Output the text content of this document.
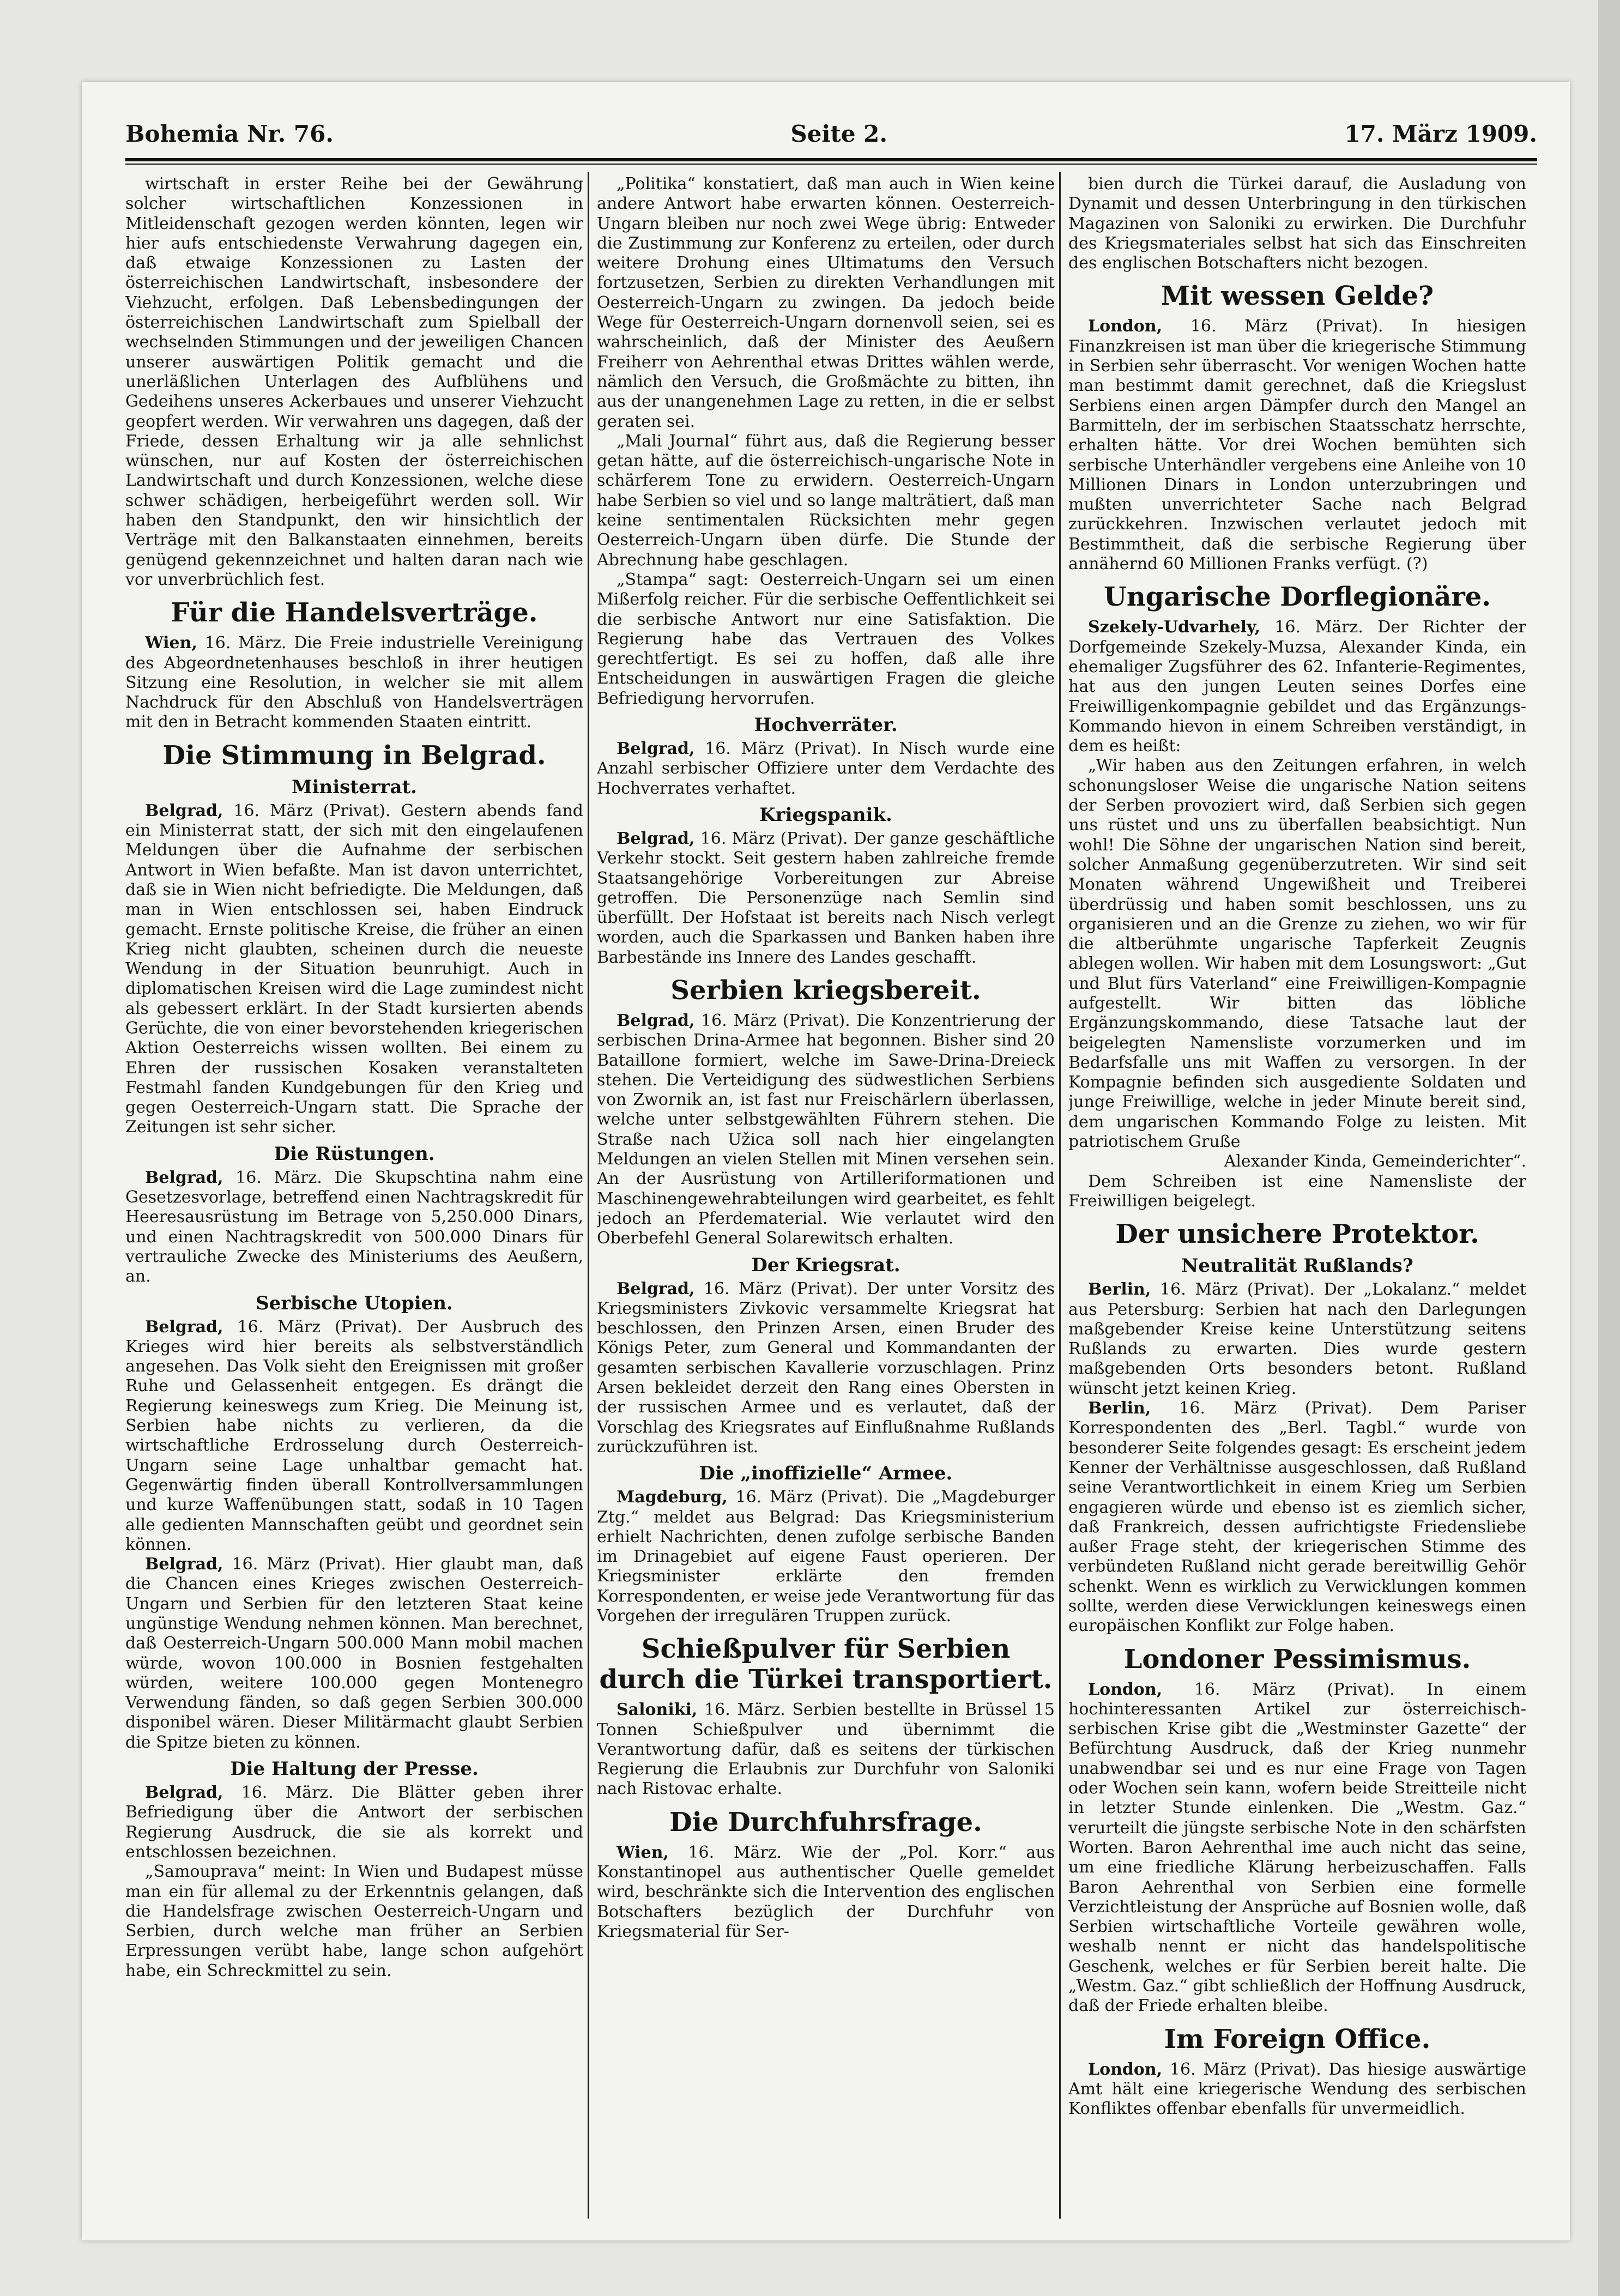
Bohemia Nr. 76.	Seite 2.	17. März 1909.

wirtschaft in erster Reihe bei der Gewährung solcher wirtschaftlichen Konzessionen in Mitleidenschaft gezogen werden könnten, legen wir hier aufs entschiedenste Verwahrung dagegen ein, daß etwaige Konzessionen zu Lasten der österreichischen Landwirtschaft, insbesondere der Viehzucht, erfolgen. Daß Lebensbedingungen der österreichischen Landwirtschaft zum Spielball der wechselnden Stimmungen und der jeweiligen Chancen unserer auswärtigen Politik gemacht und die unerläßlichen Unterlagen des Aufblühens und Gedeihens unseres Ackerbaues und unserer Viehzucht geopfert werden. Wir verwahren uns dagegen, daß der Friede, dessen Erhaltung wir ja alle sehnlichst wünschen, nur auf Kosten der österreichischen Landwirtschaft und durch Konzessionen, welche diese schwer schädigen, herbeigeführt werden soll. Wir haben den Standpunkt, den wir hinsichtlich der Verträge mit den Balkanstaaten einnehmen, bereits genügend gekennzeichnet und halten daran nach wie vor unverbrüchlich fest.

Für die Handelsverträge.

Wien, 16. März. Die Freie industrielle Vereinigung des Abgeordnetenhauses beschloß in ihrer heutigen Sitzung eine Resolution, in welcher sie mit allem Nachdruck für den Abschluß von Handelsverträgen mit den in Betracht kommenden Staaten eintritt.

Die Stimmung in Belgrad.
Ministerrat.

Belgrad, 16. März (Privat). Gestern abends fand ein Ministerrat statt, der sich mit den eingelaufenen Meldungen über die Aufnahme der serbischen Antwort in Wien befaßte. Man ist davon unterrichtet, daß sie in Wien nicht befriedigte. Die Meldungen, daß man in Wien entschlossen sei, haben Eindruck gemacht. Ernste politische Kreise, die früher an einen Krieg nicht glaubten, scheinen durch die neueste Wendung in der Situation beunruhigt. Auch in diplomatischen Kreisen wird die Lage zumindest nicht als gebessert erklärt. In der Stadt kursierten abends Gerüchte, die von einer bevorstehenden kriegerischen Aktion Oesterreichs wissen wollten. Bei einem zu Ehren der russischen Kosaken veranstalteten Festmahl fanden Kundgebungen für den Krieg und gegen Oesterreich-Ungarn statt. Die Sprache der Zeitungen ist sehr sicher.

Die Rüstungen.

Belgrad, 16. März. Die Skupschtina nahm eine Gesetzesvorlage, betreffend einen Nachtragskredit für Heeresausrüstung im Betrage von 5,250.000 Dinars, und einen Nachtragskredit von 500.000 Dinars für vertrauliche Zwecke des Ministeriums des Aeußern, an.

Serbische Utopien.

Belgrad, 16. März (Privat). Der Ausbruch des Krieges wird hier bereits als selbstverständlich angesehen. Das Volk sieht den Ereignissen mit großer Ruhe und Gelassenheit entgegen. Es drängt die Regierung keineswegs zum Krieg. Die Meinung ist, Serbien habe nichts zu verlieren, da die wirtschaftliche Erdrosselung durch Oesterreich-Ungarn seine Lage unhaltbar gemacht hat. Gegenwärtig finden überall Kontrollversammlungen und kurze Waffenübungen statt, sodaß in 10 Tagen alle gedienten Mannschaften geübt und geordnet sein können.

Belgrad, 16. März (Privat). Hier glaubt man, daß die Chancen eines Krieges zwischen Oesterreich-Ungarn und Serbien für den letzteren Staat keine ungünstige Wendung nehmen können. Man berechnet, daß Oesterreich-Ungarn 500.000 Mann mobil machen würde, wovon 100.000 in Bosnien festgehalten würden, weitere 100.000 gegen Montenegro Verwendung fänden, so daß gegen Serbien 300.000 disponibel wären. Dieser Militärmacht glaubt Serbien die Spitze bieten zu können.

Die Haltung der Presse.

Belgrad, 16. März. Die Blätter geben ihrer Befriedigung über die Antwort der serbischen Regierung Ausdruck, die sie als korrekt und entschlossen bezeichnen.

„Samouprava“ meint: In Wien und Budapest müsse man ein für allemal zu der Erkenntnis gelangen, daß die Handelsfrage zwischen Oesterreich-Ungarn und Serbien, durch welche man früher an Serbien Erpressungen verübt habe, lange schon aufgehört habe, ein Schreckmittel zu sein.

„Politika“ konstatiert, daß man auch in Wien keine andere Antwort habe erwarten können. Oesterreich-Ungarn bleiben nur noch zwei Wege übrig: Entweder die Zustimmung zur Konferenz zu erteilen, oder durch weitere Drohung eines Ultimatums den Versuch fortzusetzen, Serbien zu direkten Verhandlungen mit Oesterreich-Ungarn zu zwingen. Da jedoch beide Wege für Oesterreich-Ungarn dornenvoll seien, sei es wahrscheinlich, daß der Minister des Aeußern Freiherr von Aehrenthal etwas Drittes wählen werde, nämlich den Versuch, die Großmächte zu bitten, ihn aus der unangenehmen Lage zu retten, in die er selbst geraten sei.

„Mali Journal“ führt aus, daß die Regierung besser getan hätte, auf die österreichisch-ungarische Note in schärferem Tone zu erwidern. Oesterreich-Ungarn habe Serbien so viel und so lange malträtiert, daß man keine sentimentalen Rücksichten mehr gegen Oesterreich-Ungarn üben dürfe. Die Stunde der Abrechnung habe geschlagen.

„Stampa“ sagt: Oesterreich-Ungarn sei um einen Mißerfolg reicher. Für die serbische Oeffentlichkeit sei die serbische Antwort nur eine Satisfaktion. Die Regierung habe das Vertrauen des Volkes gerechtfertigt. Es sei zu hoffen, daß alle ihre Entscheidungen in auswärtigen Fragen die gleiche Befriedigung hervorrufen.

Hochverräter.

Belgrad, 16. März (Privat). In Nisch wurde eine Anzahl serbischer Offiziere unter dem Verdachte des Hochverrates verhaftet.

Kriegspanik.

Belgrad, 16. März (Privat). Der ganze geschäftliche Verkehr stockt. Seit gestern haben zahlreiche fremde Staatsangehörige Vorbereitungen zur Abreise getroffen. Die Personenzüge nach Semlin sind überfüllt. Der Hofstaat ist bereits nach Nisch verlegt worden, auch die Sparkassen und Banken haben ihre Barbestände ins Innere des Landes geschafft.

Serbien kriegsbereit.

Belgrad, 16. März (Privat). Die Konzentrierung der serbischen Drina-Armee hat begonnen. Bisher sind 20 Bataillone formiert, welche im Sawe-Drina-Dreieck stehen. Die Verteidigung des südwestlichen Serbiens von Zwornik an, ist fast nur Freischärlern überlassen, welche unter selbstgewählten Führern stehen. Die Straße nach Užica soll nach hier eingelangten Meldungen an vielen Stellen mit Minen versehen sein. An der Ausrüstung von Artilleriformationen und Maschinengewehrabteilungen wird gearbeitet, es fehlt jedoch an Pferdematerial. Wie verlautet wird den Oberbefehl General Solarewitsch erhalten.

Der Kriegsrat.

Belgrad, 16. März (Privat). Der unter Vorsitz des Kriegsministers Zivkovic versammelte Kriegsrat hat beschlossen, den Prinzen Arsen, einen Bruder des Königs Peter, zum General und Kommandanten der gesamten serbischen Kavallerie vorzuschlagen. Prinz Arsen bekleidet derzeit den Rang eines Obersten in der russischen Armee und es verlautet, daß der Vorschlag des Kriegsrates auf Einflußnahme Rußlands zurückzuführen ist.

Die „inoffizielle“ Armee.

Magdeburg, 16. März (Privat). Die „Magdeburger Ztg.“ meldet aus Belgrad: Das Kriegsministerium erhielt Nachrichten, denen zufolge serbische Banden im Drinagebiet auf eigene Faust operieren. Der Kriegsminister erklärte den fremden Korrespondenten, er weise jede Verantwortung für das Vorgehen der irregulären Truppen zurück.

Schießpulver für Serbien durch die Türkei transportiert.

Saloniki, 16. März. Serbien bestellte in Brüssel 15 Tonnen Schießpulver und übernimmt die Verantwortung dafür, daß es seitens der türkischen Regierung die Erlaubnis zur Durchfuhr von Saloniki nach Ristovac erhalte.

Die Durchfuhrsfrage.

Wien, 16. März. Wie der „Pol. Korr.“ aus Konstantinopel aus authentischer Quelle gemeldet wird, beschränkte sich die Intervention des englischen Botschafters bezüglich der Durchfuhr von Kriegsmaterial für Ser-

bien durch die Türkei darauf, die Ausladung von Dynamit und dessen Unterbringung in den türkischen Magazinen von Saloniki zu erwirken. Die Durchfuhr des Kriegsmateriales selbst hat sich das Einschreiten des englischen Botschafters nicht bezogen.

Mit wessen Gelde?

London, 16. März (Privat). In hiesigen Finanzkreisen ist man über die kriegerische Stimmung in Serbien sehr überrascht. Vor wenigen Wochen hatte man bestimmt damit gerechnet, daß die Kriegslust Serbiens einen argen Dämpfer durch den Mangel an Barmitteln, der im serbischen Staatsschatz herrschte, erhalten hätte. Vor drei Wochen bemühten sich serbische Unterhändler vergebens eine Anleihe von 10 Millionen Dinars in London unterzubringen und mußten unverrichteter Sache nach Belgrad zurückkehren. Inzwischen verlautet jedoch mit Bestimmtheit, daß die serbische Regierung über annähernd 60 Millionen Franks verfügt. (?)

Ungarische Dorflegionäre.

Szekely-Udvarhely, 16. März. Der Richter der Dorfgemeinde Szekely-Muzsa, Alexander Kinda, ein ehemaliger Zugsführer des 62. Infanterie-Regimentes, hat aus den jungen Leuten seines Dorfes eine Freiwilligenkompagnie gebildet und das Ergänzungs-Kommando hievon in einem Schreiben verständigt, in dem es heißt:

„Wir haben aus den Zeitungen erfahren, in welch schonungsloser Weise die ungarische Nation seitens der Serben provoziert wird, daß Serbien sich gegen uns rüstet und uns zu überfallen beabsichtigt. Nun wohl! Die Söhne der ungarischen Nation sind bereit, solcher Anmaßung gegenüberzutreten. Wir sind seit Monaten während Ungewißheit und Treiberei überdrüssig und haben somit beschlossen, uns zu organisieren und an die Grenze zu ziehen, wo wir für die altberühmte ungarische Tapferkeit Zeugnis ablegen wollen. Wir haben mit dem Losungswort: „Gut und Blut fürs Vaterland“ eine Freiwilligen-Kompagnie aufgestellt. Wir bitten das löbliche Ergänzungskommando, diese Tatsache laut der beigelegten Namensliste vorzumerken und im Bedarfsfalle uns mit Waffen zu versorgen. In der Kompagnie befinden sich ausgediente Soldaten und junge Freiwillige, welche in jeder Minute bereit sind, dem ungarischen Kommando Folge zu leisten. Mit patriotischem Gruße

Alexander Kinda, Gemeinderichter“.

Dem Schreiben ist eine Namensliste der Freiwilligen beigelegt.

Der unsichere Protektor.
Neutralität Rußlands?

Berlin, 16. März (Privat). Der „Lokalanz.“ meldet aus Petersburg: Serbien hat nach den Darlegungen maßgebender Kreise keine Unterstützung seitens Rußlands zu erwarten. Dies wurde gestern maßgebenden Orts besonders betont. Rußland wünscht jetzt keinen Krieg.

Berlin, 16. März (Privat). Dem Pariser Korrespondenten des „Berl. Tagbl.“ wurde von besonderer Seite folgendes gesagt: Es erscheint jedem Kenner der Verhältnisse ausgeschlossen, daß Rußland seine Verantwortlichkeit in einem Krieg um Serbien engagieren würde und ebenso ist es ziemlich sicher, daß Frankreich, dessen aufrichtigste Friedensliebe außer Frage steht, der kriegerischen Stimme des verbündeten Rußland nicht gerade bereitwillig Gehör schenkt. Wenn es wirklich zu Verwicklungen kommen sollte, werden diese Verwicklungen keineswegs einen europäischen Konflikt zur Folge haben.

Londoner Pessimismus.

London, 16. März (Privat). In einem hochinteressanten Artikel zur österreichisch-serbischen Krise gibt die „Westminster Gazette“ der Befürchtung Ausdruck, daß der Krieg nunmehr unabwendbar sei und es nur eine Frage von Tagen oder Wochen sein kann, wofern beide Streitteile nicht in letzter Stunde einlenken. Die „Westm. Gaz.“ verurteilt die jüngste serbische Note in den schärfsten Worten. Baron Aehrenthal ime auch nicht das seine, um eine friedliche Klärung herbeizuschaffen. Falls Baron Aehrenthal von Serbien eine formelle Verzichtleistung der Ansprüche auf Bosnien wolle, daß Serbien wirtschaftliche Vorteile gewähren wolle, weshalb nennt er nicht das handelspolitische Geschenk, welches er für Serbien bereit halte. Die „Westm. Gaz.“ gibt schließlich der Hoffnung Ausdruck, daß der Friede erhalten bleibe.

Im Foreign Office.

London, 16. März (Privat). Das hiesige auswärtige Amt hält eine kriegerische Wendung des serbischen Konfliktes offenbar ebenfalls für unvermeidlich.
